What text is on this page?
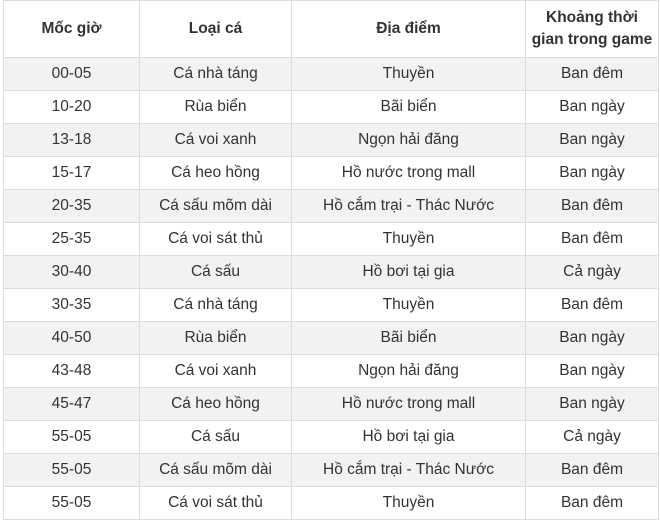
Mốc giờ	Loại cá	Địa điểm	Khoảng thời gian trong game
00-05	Cá nhà táng	Thuyền	Ban đêm
10-20	Rùa biển	Bãi biển	Ban ngày
13-18	Cá voi xanh	Ngọn hải đăng	Ban ngày
15-17	Cá heo hồng	Hồ nước trong mall	Ban ngày
20-35	Cá sấu mõm dài	Hồ cắm trại - Thác Nước	Ban đêm
25-35	Cá voi sát thủ	Thuyền	Ban đêm
30-40	Cá sấu	Hồ bơi tại gia	Cả ngày
30-35	Cá nhà táng	Thuyền	Ban đêm
40-50	Rùa biển	Bãi biển	Ban ngày
43-48	Cá voi xanh	Ngọn hải đăng	Ban ngày
45-47	Cá heo hồng	Hồ nước trong mall	Ban ngày
55-05	Cá sấu	Hồ bơi tại gia	Cả ngày
55-05	Cá sấu mõm dài	Hồ cắm trại - Thác Nước	Ban đêm
55-05	Cá voi sát thủ	Thuyền	Ban đêm
